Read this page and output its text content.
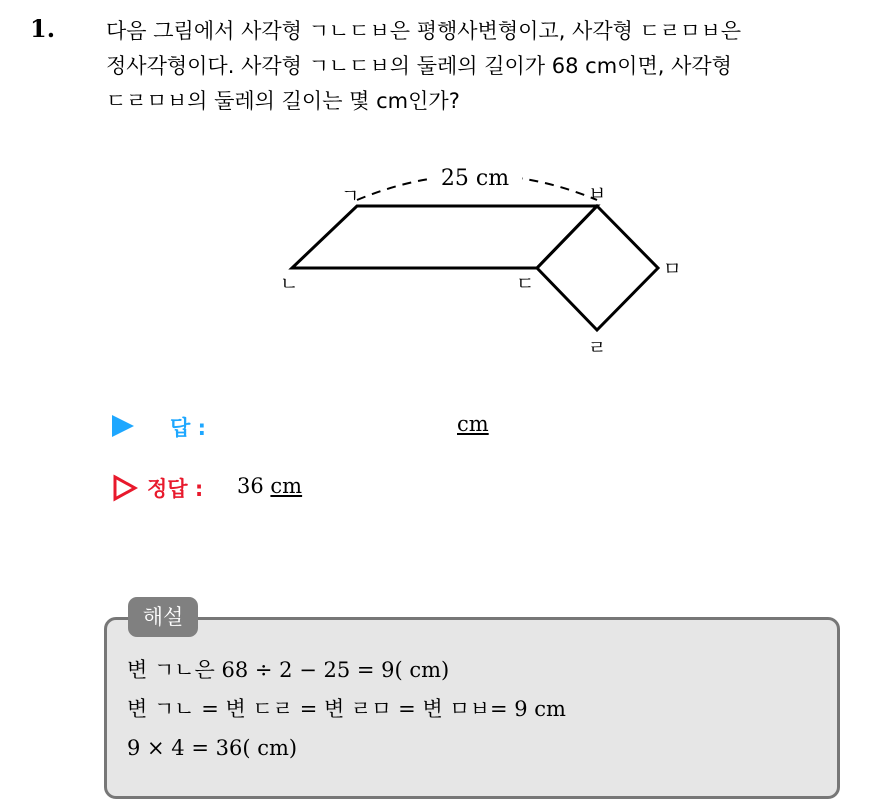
1. 다음 그림에서 사각형 ㄱㄴㄷㅂ은 평행사변형이고, 사각형 ㄷㄹㅁㅂ은
정사각형이다. 사각형 ㄱㄴㄷㅂ의 둘레의 길이가 68 cm이면, 사각형
ㄷㄹㅁㅂ의 둘레의 길이는 몇 cm인가?
25 cm
ㄱ
ㄴ	ㄷ
ㄹ
ㅁ
ㅂ
답 :	cm
정답 : 36 cm
해설
변 ㄱㄴ은 68 ÷ 2 − 25 = 9( cm)
변 ㄱㄴ = 변 ㄷㄹ = 변 ㄹㅁ = 변 ㅁㅂ= 9 cm
9 × 4 = 36( cm)
